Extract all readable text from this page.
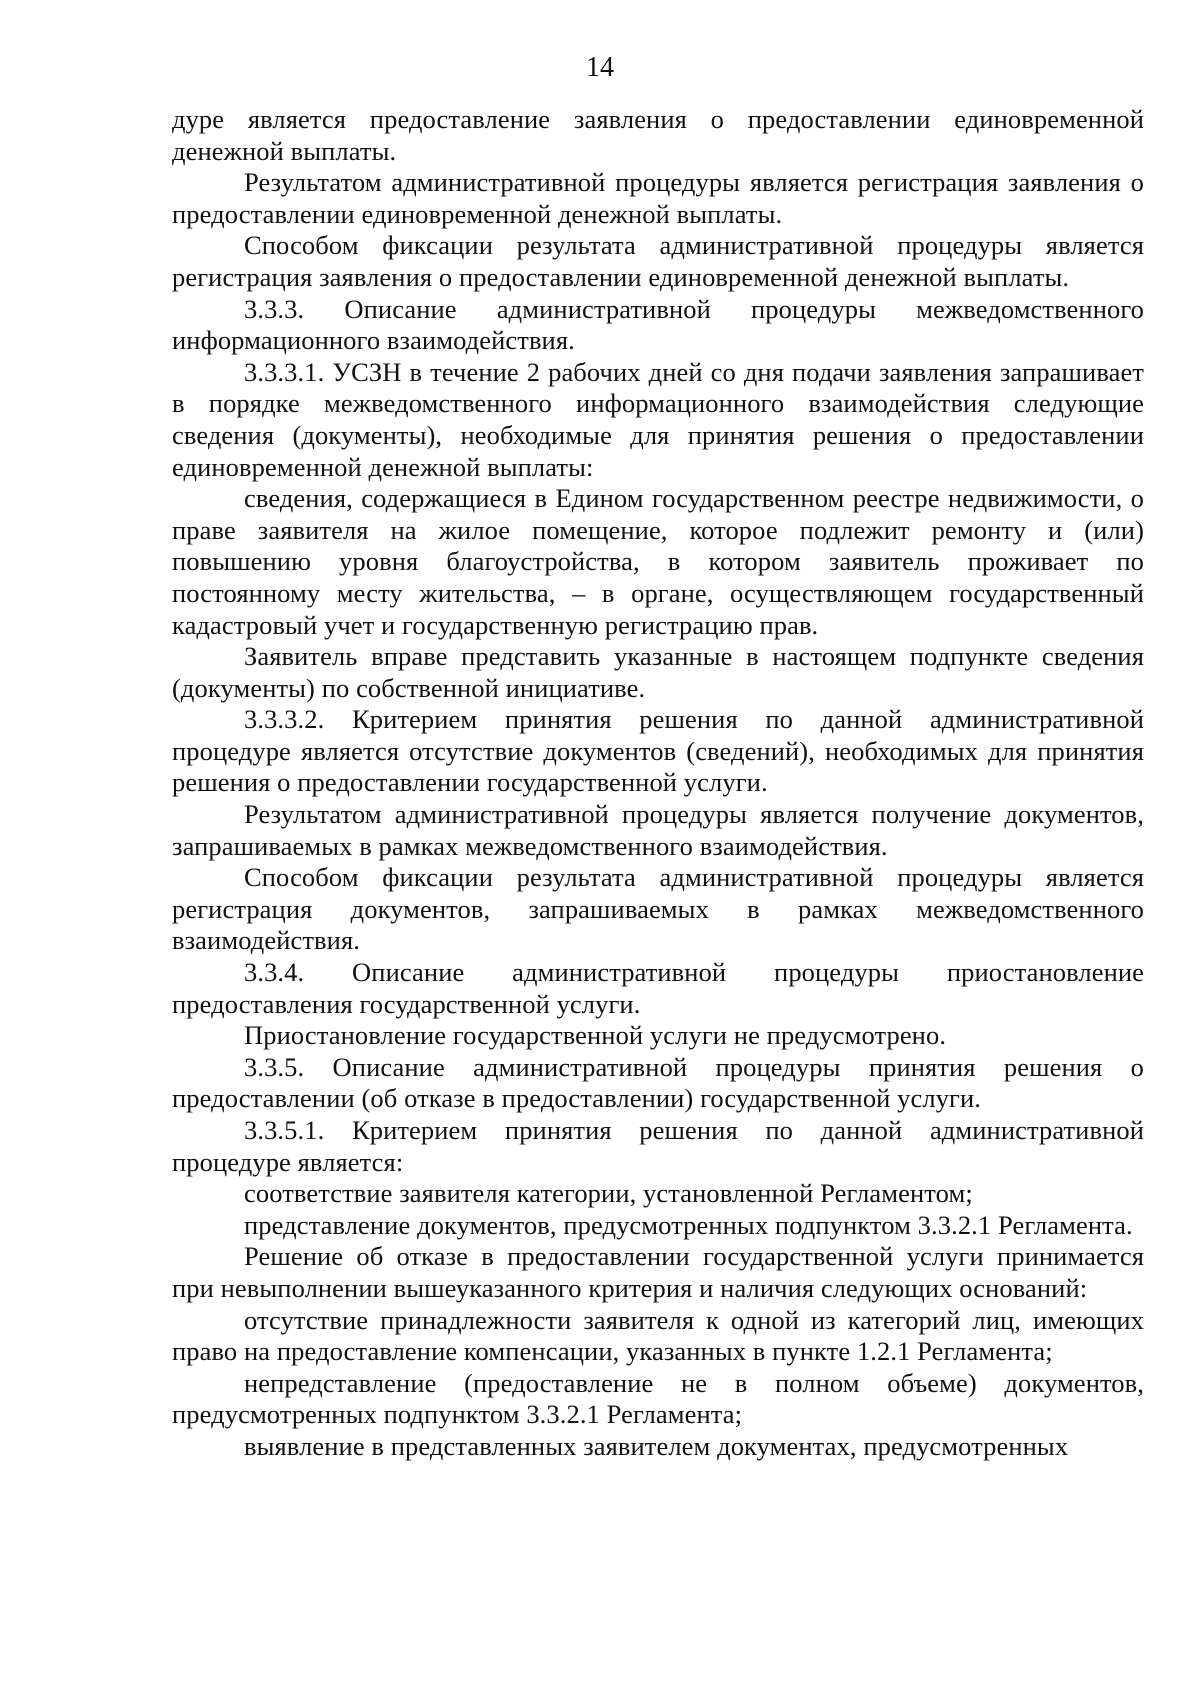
14

дуре является предоставление заявления о предоставлении единовременной денежной выплаты.

Результатом административной процедуры является регистрация заявления о предоставлении единовременной денежной выплаты.

Способом фиксации результата административной процедуры является регистрация заявления о предоставлении единовременной денежной выплаты.

3.3.3. Описание административной процедуры межведомственного информационного взаимодействия.

3.3.3.1. УСЗН в течение 2 рабочих дней со дня подачи заявления запрашивает в порядке межведомственного информационного взаимодействия следующие сведения (документы), необходимые для принятия решения о предоставлении единовременной денежной выплаты:

сведения, содержащиеся в Едином государственном реестре недвижимости, о праве заявителя на жилое помещение, которое подлежит ремонту и (или) повышению уровня благоустройства, в котором заявитель проживает по постоянному месту жительства, – в органе, осуществляющем государственный кадастровый учет и государственную регистрацию прав.

Заявитель вправе представить указанные в настоящем подпункте сведения (документы) по собственной инициативе.

3.3.3.2. Критерием принятия решения по данной административной процедуре является отсутствие документов (сведений), необходимых для принятия решения о предоставлении государственной услуги.

Результатом административной процедуры является получение документов, запрашиваемых в рамках межведомственного взаимодействия.

Способом фиксации результата административной процедуры является регистрация документов, запрашиваемых в рамках межведомственного взаимодействия.

3.3.4. Описание административной процедуры приостановление предоставления государственной услуги.

Приостановление государственной услуги не предусмотрено.

3.3.5. Описание административной процедуры принятия решения о предоставлении (об отказе в предоставлении) государственной услуги.

3.3.5.1. Критерием принятия решения по данной административной процедуре является:

соответствие заявителя категории, установленной Регламентом;

представление документов, предусмотренных подпунктом 3.3.2.1 Регламента.

Решение об отказе в предоставлении государственной услуги принимается при невыполнении вышеуказанного критерия и наличия следующих оснований:

отсутствие принадлежности заявителя к одной из категорий лиц, имеющих право на предоставление компенсации, указанных в пункте 1.2.1 Регламента;

непредставление (предоставление не в полном объеме) документов, предусмотренных подпунктом 3.3.2.1 Регламента;

выявление в представленных заявителем документах, предусмотренных
